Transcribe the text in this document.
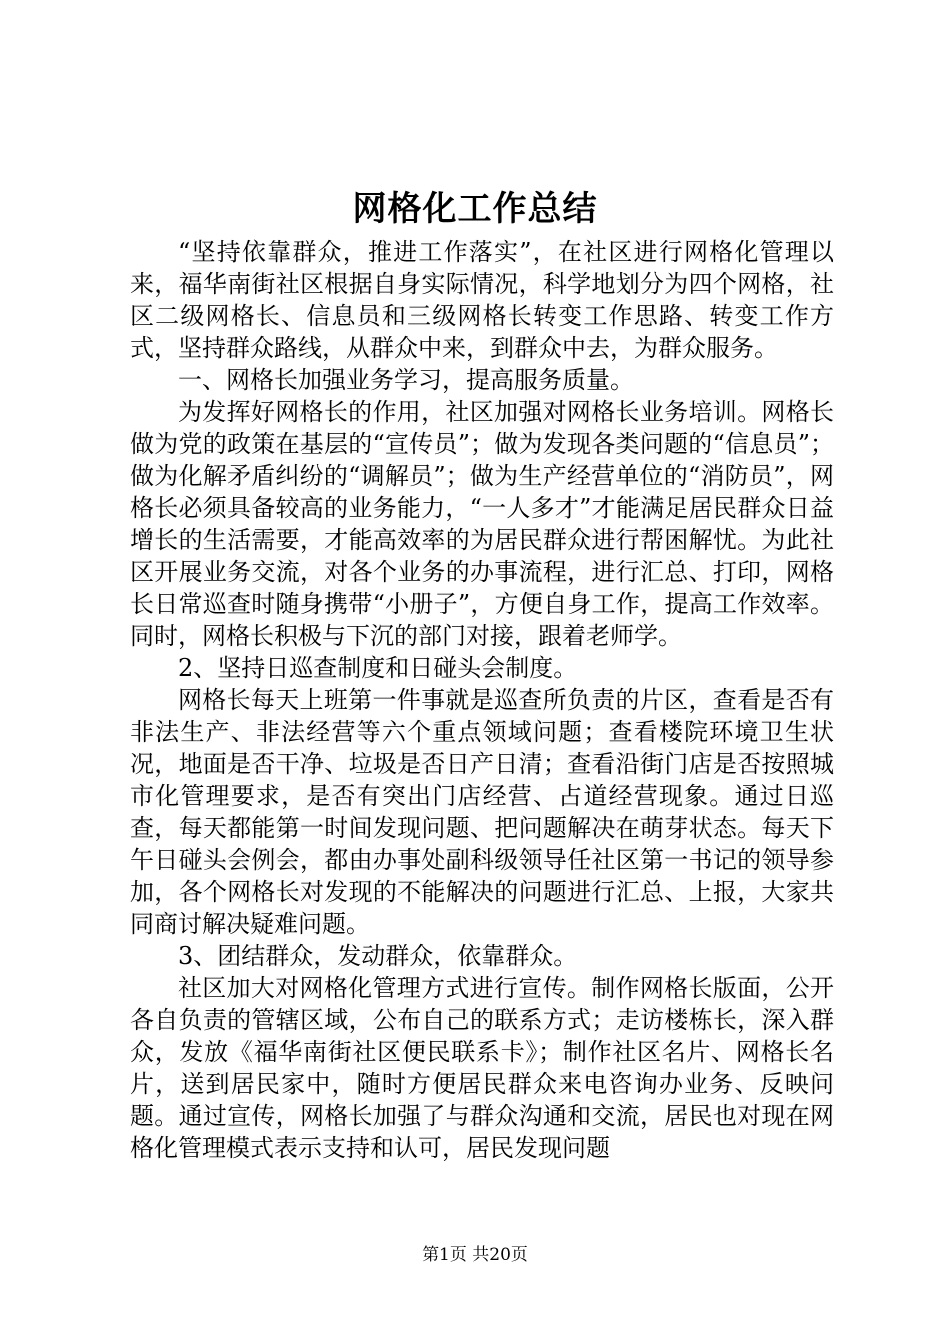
网格化工作总结

“坚持依靠群众，推进工作落实”，在社区进行网格化管理以来，福华南街社区根据自身实际情况，科学地划分为四个网格，社区二级网格长、信息员和三级网格长转变工作思路、转变工作方式，坚持群众路线，从群众中来，到群众中去，为群众服务。

一、网格长加强业务学习，提高服务质量。

为发挥好网格长的作用，社区加强对网格长业务培训。网格长做为党的政策在基层的“宣传员”；做为发现各类问题的“信息员”；做为化解矛盾纠纷的“调解员”；做为生产经营单位的“消防员”，网格长必须具备较高的业务能力，“一人多才”才能满足居民群众日益增长的生活需要，才能高效率的为居民群众进行帮困解忧。为此社区开展业务交流，对各个业务的办事流程，进行汇总、打印，网格长日常巡查时随身携带“小册子”，方便自身工作，提高工作效率。同时，网格长积极与下沉的部门对接，跟着老师学。

2、坚持日巡查制度和日碰头会制度。

网格长每天上班第一件事就是巡查所负责的片区，查看是否有非法生产、非法经营等六个重点领域问题；查看楼院环境卫生状况，地面是否干净、垃圾是否日产日清；查看沿街门店是否按照城市化管理要求，是否有突出门店经营、占道经营现象。通过日巡查，每天都能第一时间发现问题、把问题解决在萌芽状态。每天下午日碰头会例会，都由办事处副科级领导任社区第一书记的领导参加，各个网格长对发现的不能解决的问题进行汇总、上报，大家共同商讨解决疑难问题。

3、团结群众，发动群众，依靠群众。

社区加大对网格化管理方式进行宣传。制作网格长版面，公开各自负责的管辖区域，公布自己的联系方式；走访楼栋长，深入群众，发放《福华南街社区便民联系卡》；制作社区名片、网格长名片，送到居民家中，随时方便居民群众来电咨询办业务、反映问题。通过宣传，网格长加强了与群众沟通和交流，居民也对现在网格化管理模式表示支持和认可，居民发现问题

第1页 共20页
